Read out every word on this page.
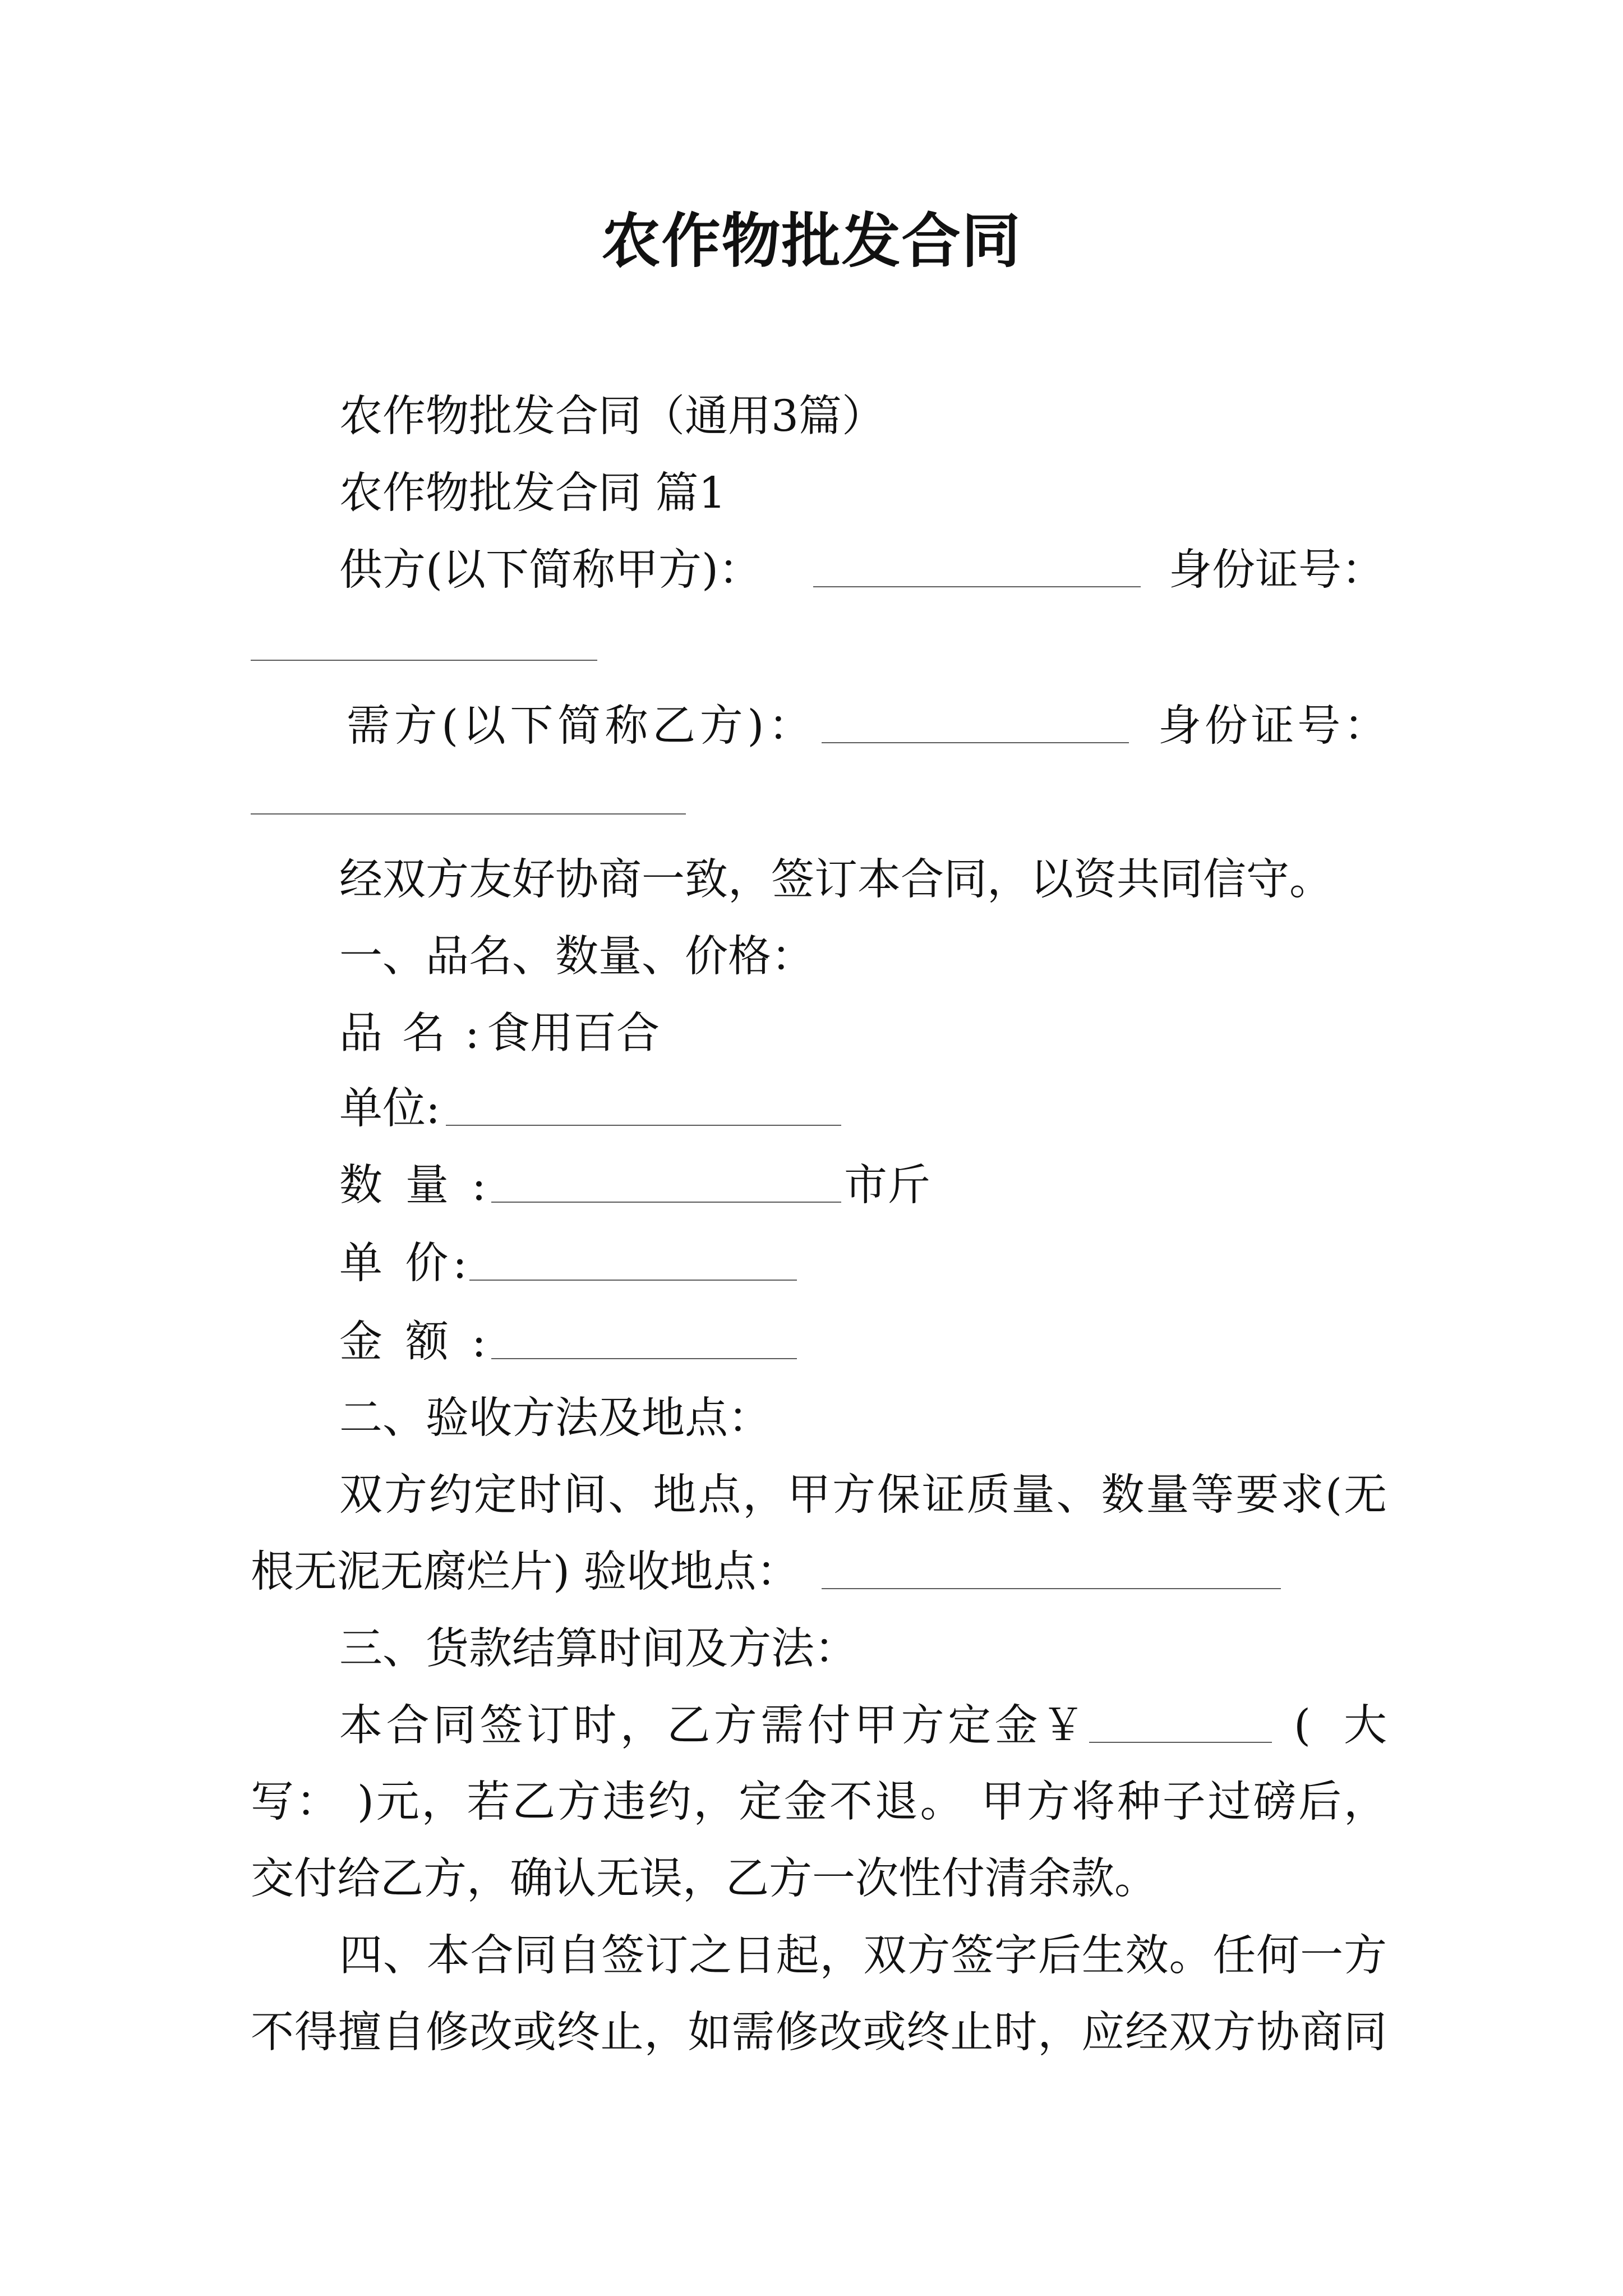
农作物批发合同
农作物批发合同（通用3篇）
农作物批发合同 篇1
供方(以下简称甲方)：	身份证号：
需方(以下简称乙方)：	身份证号：
经双方友好协商一致，签订本合同，以资共同信守。
一、品名、数量、价格：
品 名 : 食用百合
单位:
数 量 :	市斤
单 价:
金 额 :
二、验收方法及地点：
双方约定时间、地点，甲方保证质量、数量等要求(无
根无泥无腐烂片) 验收地点：
三、货款结算时间及方法：
本合同签订时，乙方需付甲方定金￥	( 大
写： )元，若乙方违约，定金不退。 甲方将种子过磅后，
交付给乙方，确认无误，乙方一次性付清余款。
四、本合同自签订之日起，双方签字后生效。任何一方
不得擅自修改或终止，如需修改或终止时，应经双方协商同
